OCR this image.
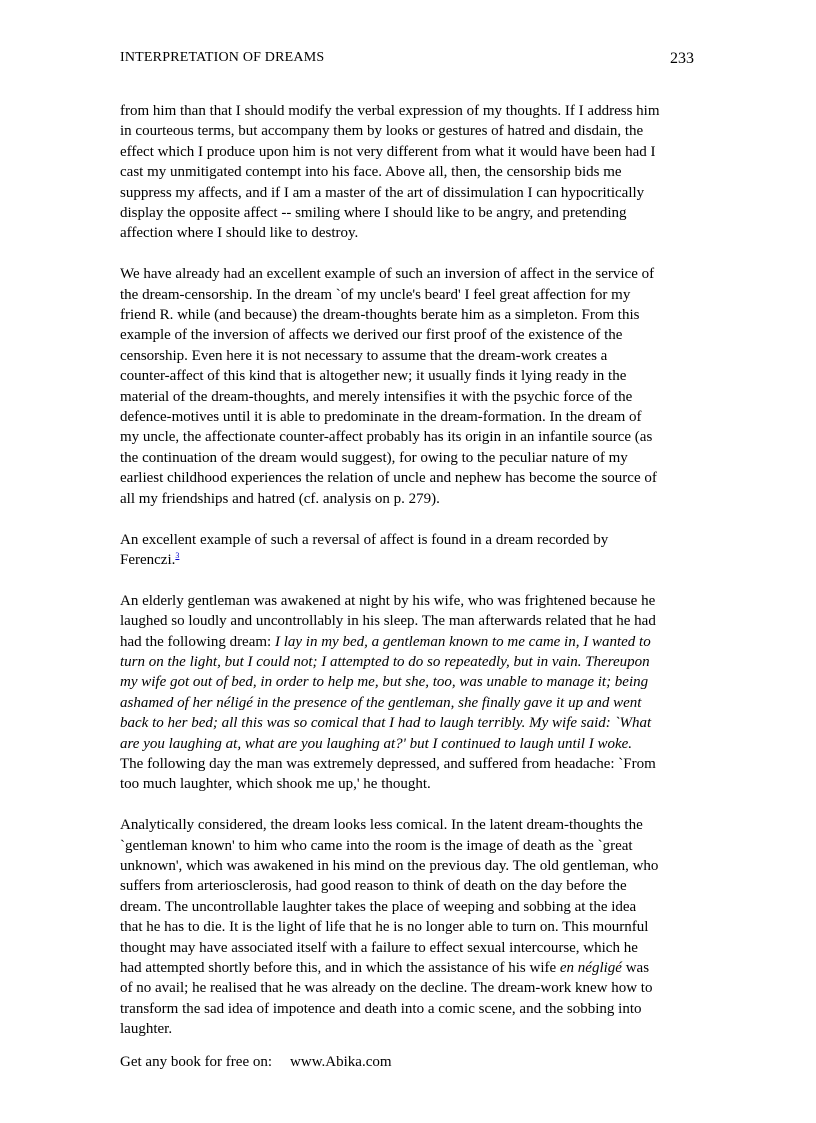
INTERPRETATION OF DREAMS	233

from him than that I should modify the verbal expression of my thoughts. If I address him
in courteous terms, but accompany them by looks or gestures of hatred and disdain, the
effect which I produce upon him is not very different from what it would have been had I
cast my unmitigated contempt into his face. Above all, then, the censorship bids me
suppress my affects, and if I am a master of the art of dissimulation I can hypocritically
display the opposite affect -- smiling where I should like to be angry, and pretending
affection where I should like to destroy.

We have already had an excellent example of such an inversion of affect in the service of
the dream-censorship. In the dream `of my uncle's beard' I feel great affection for my
friend R. while (and because) the dream-thoughts berate him as a simpleton. From this
example of the inversion of affects we derived our first proof of the existence of the
censorship. Even here it is not necessary to assume that the dream-work creates a
counter-affect of this kind that is altogether new; it usually finds it lying ready in the
material of the dream-thoughts, and merely intensifies it with the psychic force of the
defence-motives until it is able to predominate in the dream-formation. In the dream of
my uncle, the affectionate counter-affect probably has its origin in an infantile source (as
the continuation of the dream would suggest), for owing to the peculiar nature of my
earliest childhood experiences the relation of uncle and nephew has become the source of
all my friendships and hatred (cf. analysis on p. 279).

An excellent example of such a reversal of affect is found in a dream recorded by
Ferenczi.$^3$

An elderly gentleman was awakened at night by his wife, who was frightened because he
laughed so loudly and uncontrollably in his sleep. The man afterwards related that he had
had the following dream: I lay in my bed, a gentleman known to me came in, I wanted to
turn on the light, but I could not; I attempted to do so repeatedly, but in vain. Thereupon
my wife got out of bed, in order to help me, but she, too, was unable to manage it; being
ashamed of her néligé in the presence of the gentleman, she finally gave it up and went
back to her bed; all this was so comical that I had to laugh terribly. My wife said: `What
are you laughing at, what are you laughing at?' but I continued to laugh until I woke.
The following day the man was extremely depressed, and suffered from headache: `From
too much laughter, which shook me up,' he thought.

Analytically considered, the dream looks less comical. In the latent dream-thoughts the
`gentleman known' to him who came into the room is the image of death as the `great
unknown', which was awakened in his mind on the previous day. The old gentleman, who
suffers from arteriosclerosis, had good reason to think of death on the day before the
dream. The uncontrollable laughter takes the place of weeping and sobbing at the idea
that he has to die. It is the light of life that he is no longer able to turn on. This mournful
thought may have associated itself with a failure to effect sexual intercourse, which he
had attempted shortly before this, and in which the assistance of his wife en négligé was
of no avail; he realised that he was already on the decline. The dream-work knew how to
transform the sad idea of impotence and death into a comic scene, and the sobbing into
laughter.

Get any book for free on: www.Abika.com
